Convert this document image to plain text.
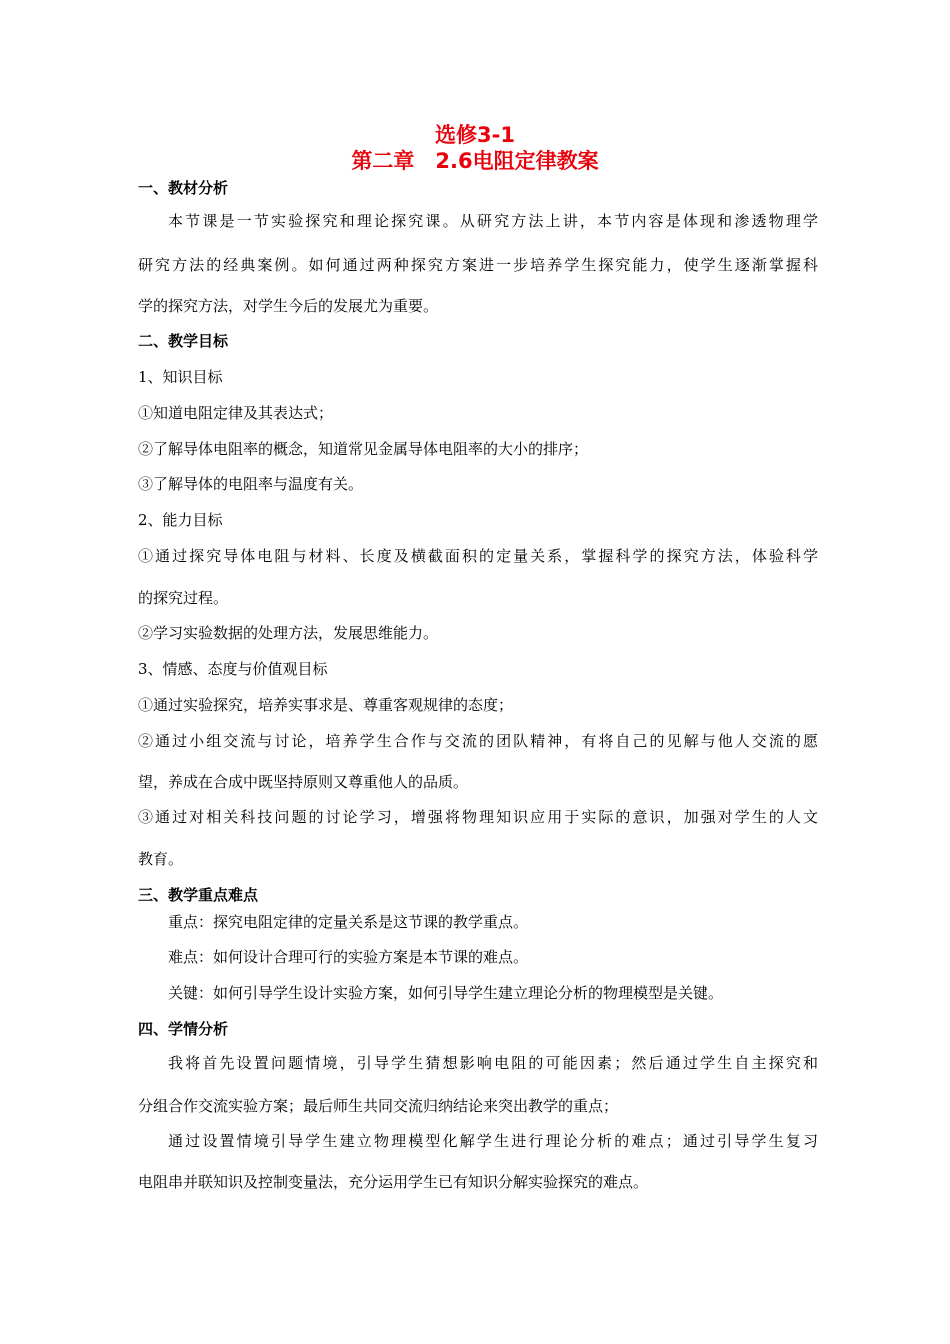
选修3-1
第二章　2.6电阻定律教案
一、教材分析
本节课是一节实验探究和理论探究课。从研究方法上讲，本节内容是体现和渗透物理学
研究方法的经典案例。如何通过两种探究方案进一步培养学生探究能力，使学生逐渐掌握科
学的探究方法，对学生今后的发展尤为重要。
二、教学目标
1、知识目标
①知道电阻定律及其表达式；
②了解导体电阻率的概念，知道常见金属导体电阻率的大小的排序；
③了解导体的电阻率与温度有关。
2、能力目标
①通过探究导体电阻与材料、长度及横截面积的定量关系，掌握科学的探究方法，体验科学
的探究过程。
②学习实验数据的处理方法，发展思维能力。
3、情感、态度与价值观目标
①通过实验探究，培养实事求是、尊重客观规律的态度；
②通过小组交流与讨论，培养学生合作与交流的团队精神，有将自己的见解与他人交流的愿
望，养成在合成中既坚持原则又尊重他人的品质。
③通过对相关科技问题的讨论学习，增强将物理知识应用于实际的意识，加强对学生的人文
教育。
三、教学重点难点
重点：探究电阻定律的定量关系是这节课的教学重点。
难点：如何设计合理可行的实验方案是本节课的难点。
关键：如何引导学生设计实验方案，如何引导学生建立理论分析的物理模型是关键。
四、学情分析
我将首先设置问题情境，引导学生猜想影响电阻的可能因素；然后通过学生自主探究和
分组合作交流实验方案；最后师生共同交流归纳结论来突出教学的重点；
通过设置情境引导学生建立物理模型化解学生进行理论分析的难点；通过引导学生复习
电阻串并联知识及控制变量法，充分运用学生已有知识分解实验探究的难点。
